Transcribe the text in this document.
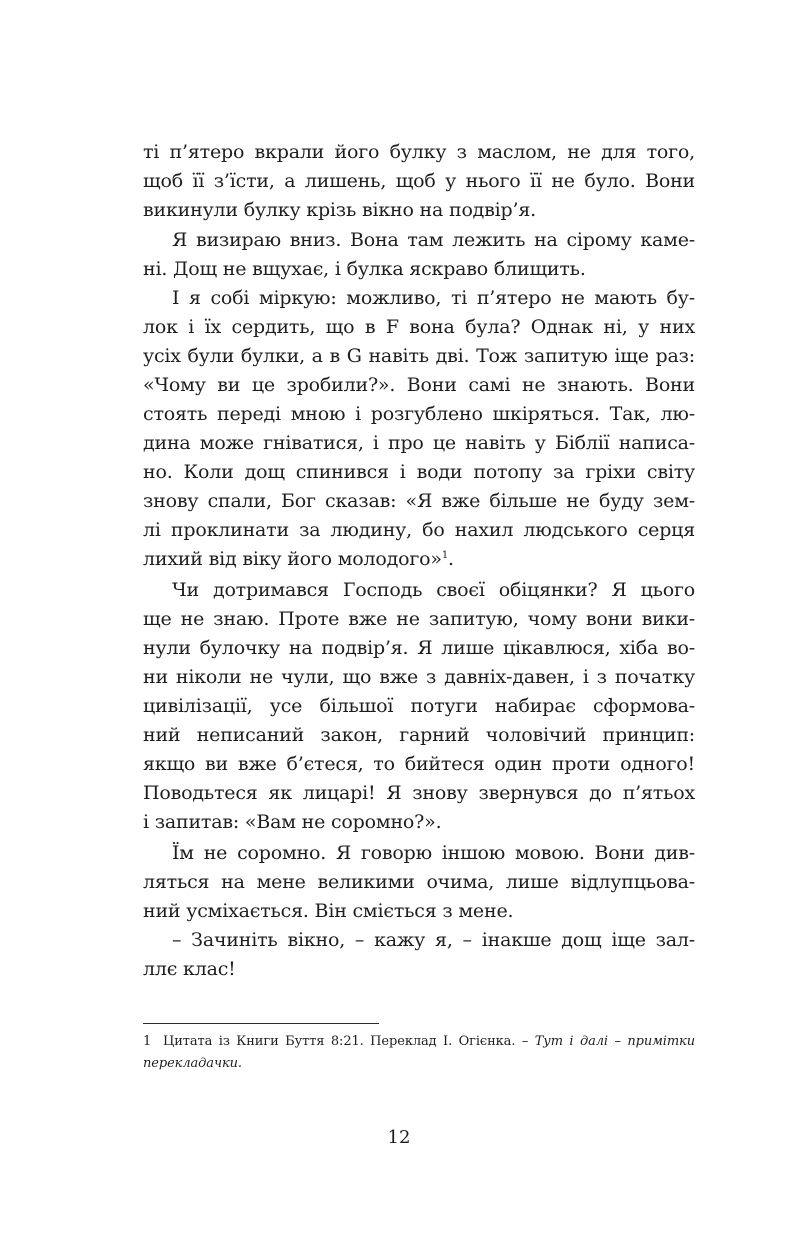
ті п’ятеро вкрали його булку з маслом, не для того,
щоб її з’їсти, а лишень, щоб у нього її не було. Вони
викинули булку крізь вікно на подвір’я.
Я визираю вниз. Вона там лежить на сірому каме-
ні. Дощ не вщухає, і булка яскраво блищить.
І я собі міркую: можливо, ті п’ятеро не мають бу-
лок і їх сердить, що в F вона була? Однак ні, у них
усіх були булки, а в G навіть дві. Тож запитую іще раз:
«Чому ви це зробили?». Вони самі не знають. Вони
стоять переді мною і розгублено шкіряться. Так, лю-
дина може гніватися, і про це навіть у Біблії написа-
но. Коли дощ спинився і води потопу за гріхи світу
знову спали, Бог сказав: «Я вже більше не буду зем-
лі проклинати за людину, бо нахил людського серця
лихий від віку його молодого»$^1$.
Чи дотримався Господь своєї обіцянки? Я цього
ще не знаю. Проте вже не запитую, чому вони вики-
нули булочку на подвір’я. Я лише цікавлюся, хіба во-
ни ніколи не чули, що вже з давніх-давен, і з початку
цивілізації, усе більшої потуги набирає сформова-
ний неписаний закон, гарний чоловічий принцип:
якщо ви вже б’єтеся, то бийтеся один проти одного!
Поводьтеся як лицарі! Я знову звернувся до п’ятьох
і запитав: «Вам не соромно?».
Їм не соромно. Я говорю іншою мовою. Вони див-
ляться на мене великими очима, лише відлупцьова-
ний усміхається. Він сміється з мене.
– Зачиніть вікно, – кажу я, – інакше дощ іще зал-
ллє клас!
1 Цитата із Книги Буття 8:21. Переклад І. Огієнка. – Тут і далі – примітки
перекладачки.
12
